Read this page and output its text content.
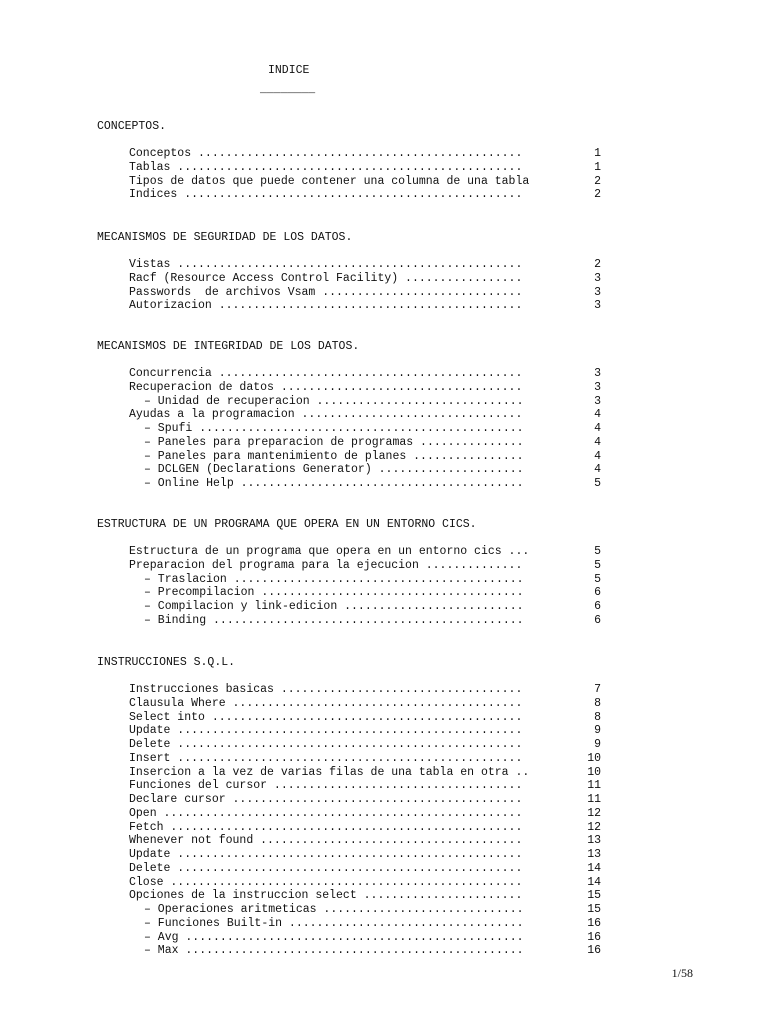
INDICE
________
CONCEPTOS.
Conceptos ...............................................	1
Tablas ..................................................	1
Tipos de datos que puede contener una columna de una tabla	2
Indices .................................................	2
MECANISMOS DE SEGURIDAD DE LOS DATOS.
Vistas ..................................................	2
Racf (Resource Access Control Facility) .................	3
Passwords  de archivos Vsam .............................	3
Autorizacion ............................................	3
MECANISMOS DE INTEGRIDAD DE LOS DATOS.
Concurrencia ............................................	3
Recuperacion de datos ...................................	3
– Unidad de recuperacion ..............................	3
Ayudas a la programacion ................................	4
– Spufi ...............................................	4
– Paneles para preparacion de programas ...............	4
– Paneles para mantenimiento de planes ................	4
– DCLGEN (Declarations Generator) .....................	4
– Online Help .........................................	5
ESTRUCTURA DE UN PROGRAMA QUE OPERA EN UN ENTORNO CICS.
Estructura de un programa que opera en un entorno cics ...	5
Preparacion del programa para la ejecucion ..............	5
– Traslacion ..........................................	5
– Precompilacion ......................................	6
– Compilacion y link-edicion ..........................	6
– Binding .............................................	6
INSTRUCCIONES S.Q.L.
Instrucciones basicas ...................................	7
Clausula Where ..........................................	8
Select into .............................................	8
Update ..................................................	9
Delete ..................................................	9
Insert ..................................................	10
Insercion a la vez de varias filas de una tabla en otra ..	10
Funciones del cursor ....................................	11
Declare cursor ..........................................	11
Open ....................................................	12
Fetch ...................................................	12
Whenever not found ......................................	13
Update ..................................................	13
Delete ..................................................	14
Close ...................................................	14
Opciones de la instruccion select .......................	15
– Operaciones aritmeticas .............................	15
– Funciones Built-in ..................................	16
– Avg .................................................	16
– Max .................................................	16
1/58
